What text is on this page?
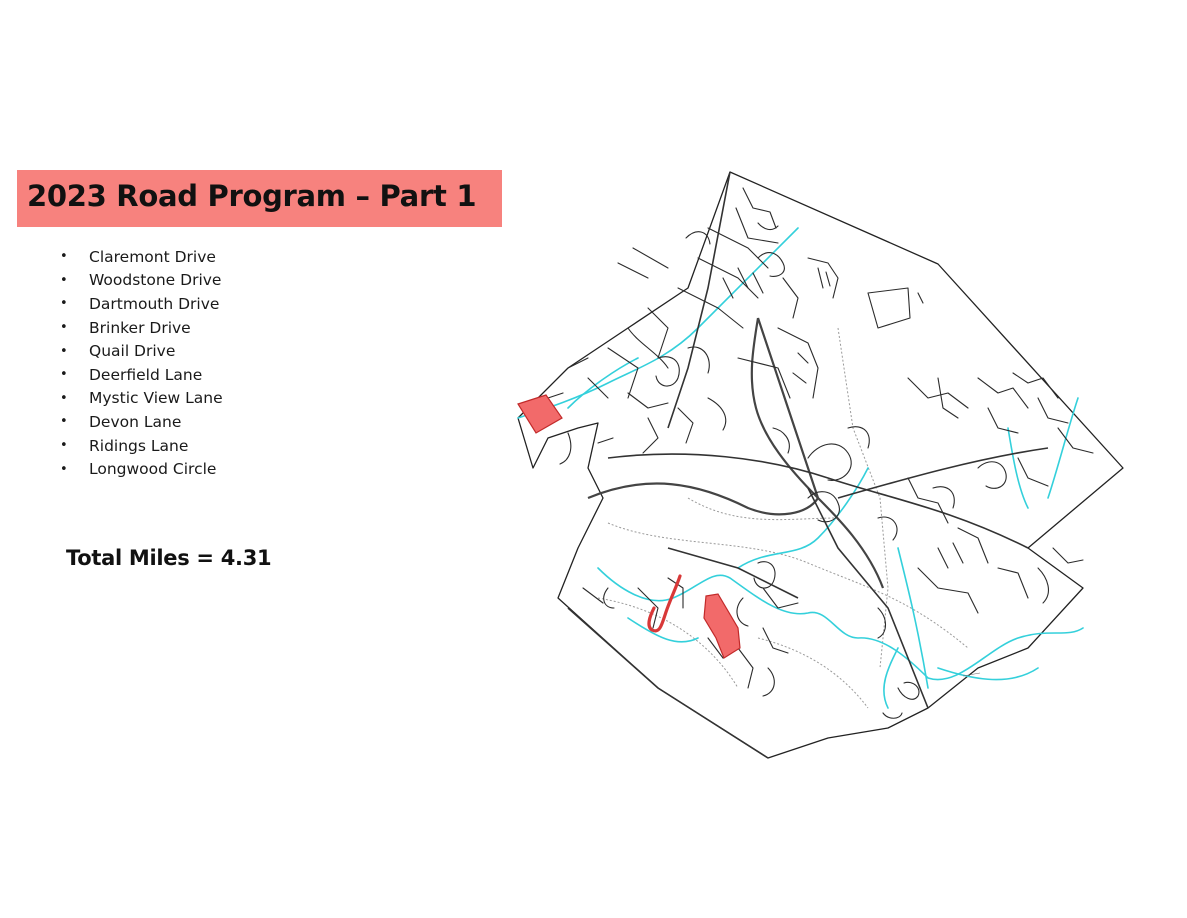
2023 Road Program – Part 1
•	Claremont Drive
•	Woodstone Drive
•	Dartmouth Drive
•	Brinker Drive
•	Quail Drive
•	Deerfield Lane
•	Mystic View Lane
•	Devon Lane
•	Ridings Lane
•	Longwood Circle
Total Miles = 4.31
